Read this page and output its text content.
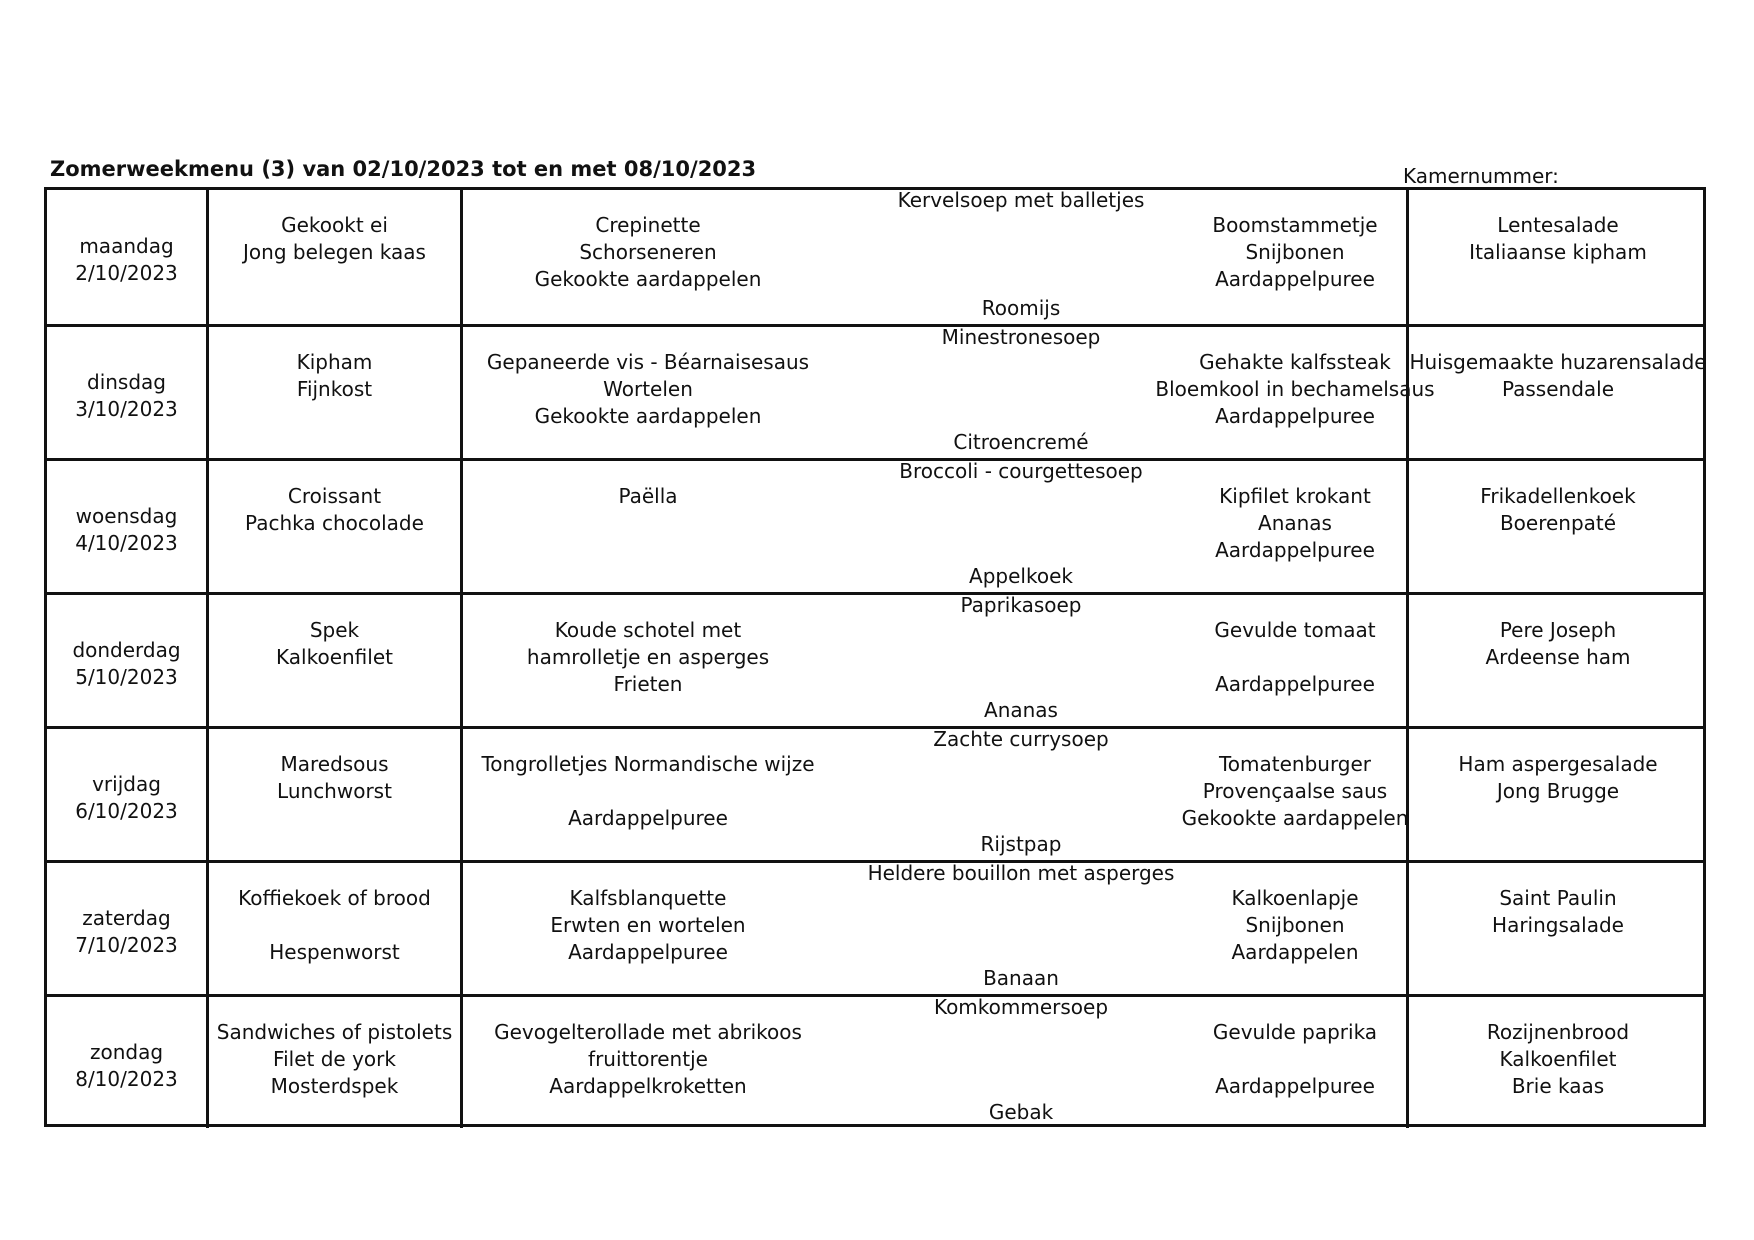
Zomerweekmenu (3) van 02/10/2023 tot en met 08/10/2023	Kamernummer:
maandag
2/10/2023
Gekookt ei
Jong belegen kaas
Crepinette
Schorseneren
Gekookte aardappelen
Boomstammetje
Snijbonen
Aardappelpuree
Lentesalade
Italiaanse kipham
Kervelsoep met balletjes
Roomijs
dinsdag
3/10/2023
Kipham
Fijnkost
Gepaneerde vis - Béarnaisesaus
Wortelen
Gekookte aardappelen
Gehakte kalfssteak
Bloemkool in bechamelsaus
Aardappelpuree
Huisgemaakte huzarensalade
Passendale
Minestronesoep
Citroencremé
woensdag
4/10/2023
Croissant
Pachka chocolade
Paëlla	Kipfilet krokant
Ananas
Aardappelpuree
Frikadellenkoek
Boerenpaté
Broccoli - courgettesoep
Appelkoek
donderdag
5/10/2023
Spek
Kalkoenfilet
Koude schotel met
hamrolletje en asperges
Frieten
Gevulde tomaat
Aardappelpuree
Pere Joseph
Ardeense ham
Paprikasoep
Ananas
vrijdag
6/10/2023
Maredsous
Lunchworst
Tongrolletjes Normandische wijze
Aardappelpuree
Tomatenburger
Provençaalse saus
Gekookte aardappelen
Ham aspergesalade
Jong Brugge
Zachte currysoep
Rijstpap
zaterdag
7/10/2023
Koffiekoek of brood
Hespenworst
Kalfsblanquette
Erwten en wortelen
Aardappelpuree
Kalkoenlapje
Snijbonen
Aardappelen
Saint Paulin
Haringsalade
Heldere bouillon met asperges
Banaan
zondag
8/10/2023
Sandwiches of pistolets
Filet de york
Mosterdspek
Gevogelterollade met abrikoos
fruittorentje
Aardappelkroketten
Gevulde paprika
Aardappelpuree
Rozijnenbrood
Kalkoenfilet
Brie kaas
Komkommersoep
Gebak
